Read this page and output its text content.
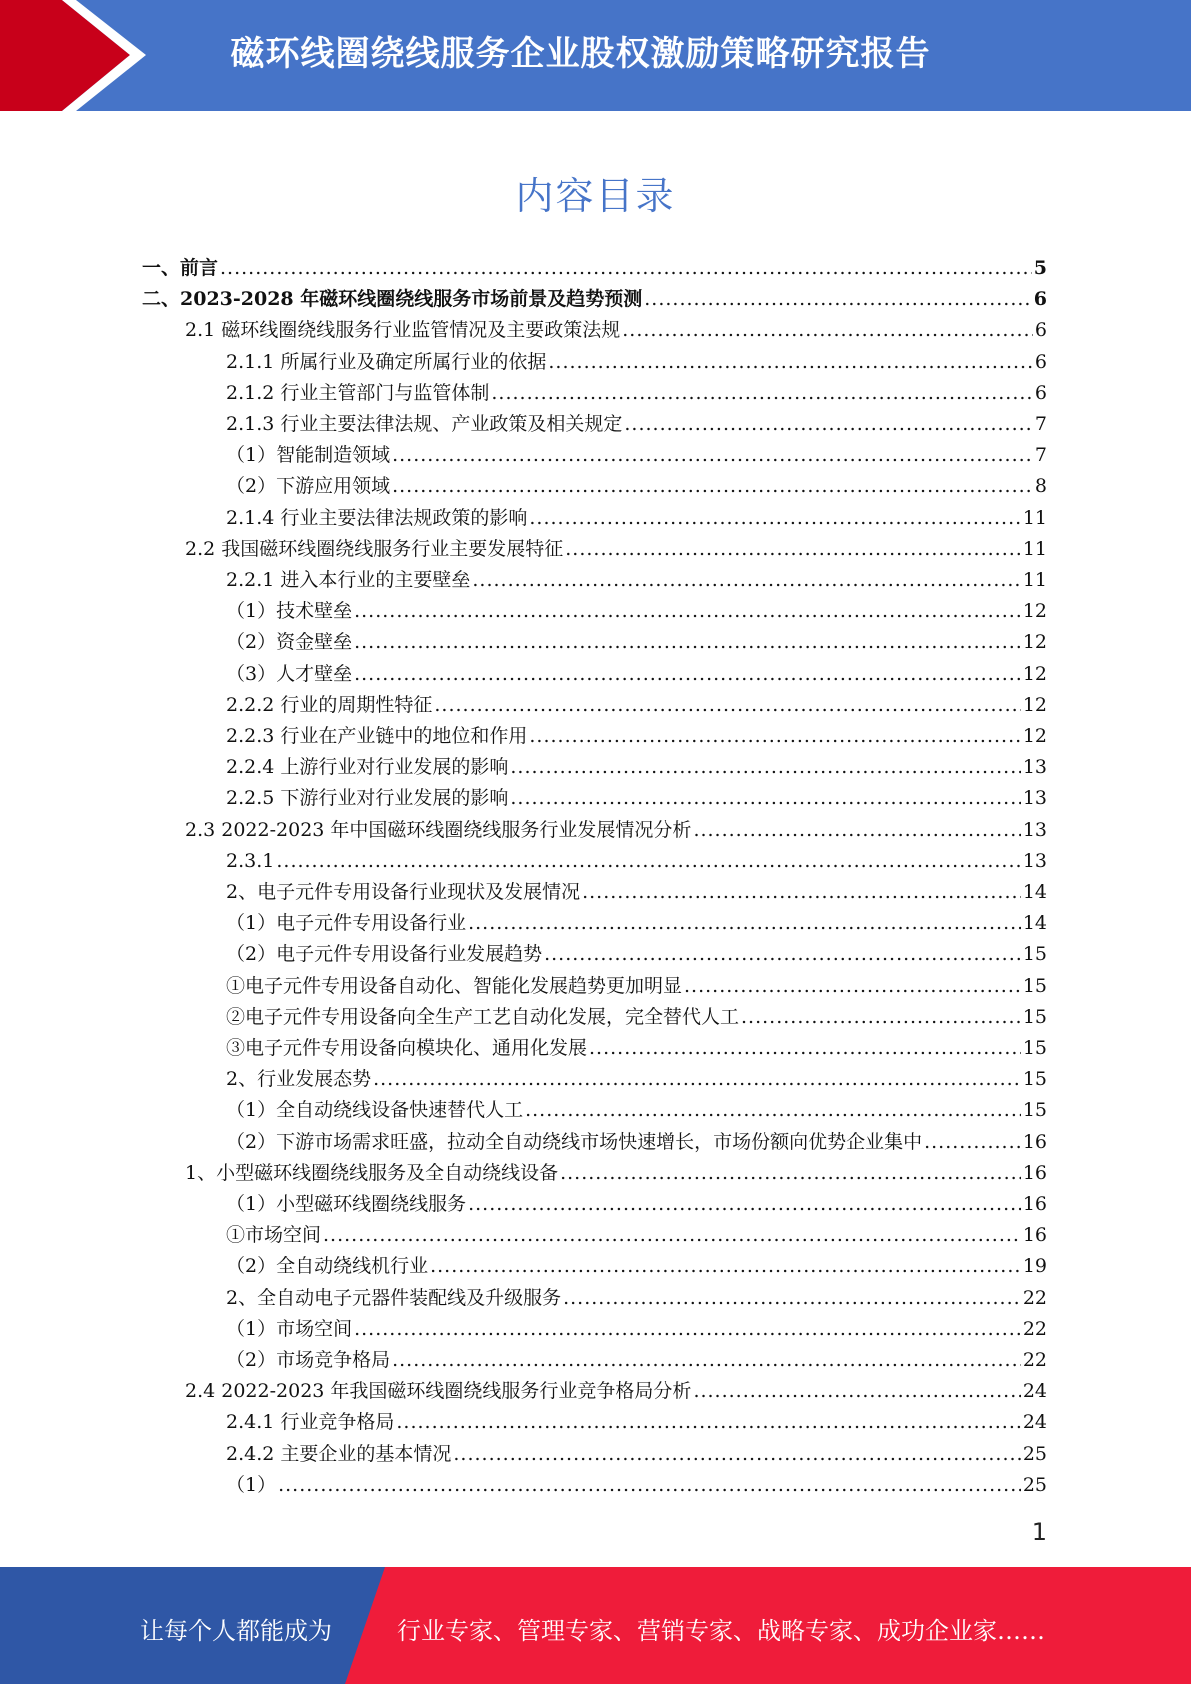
磁环线圈绕线服务企业股权激励策略研究报告
内容目录
一、前言 .....	5
二、2023-2028 年磁环线圈绕线服务市场前景及趋势预测 .....	6
2.1 磁环线圈绕线服务行业监管情况及主要政策法规 .....	6
2.1.1 所属行业及确定所属行业的依据 .....	6
2.1.2 行业主管部门与监管体制 .....	6
2.1.3 行业主要法律法规、产业政策及相关规定 .....	7
（1）智能制造领域 .....	7
（2）下游应用领域 .....	8
2.1.4 行业主要法律法规政策的影响 .....	11
2.2 我国磁环线圈绕线服务行业主要发展特征 .....	11
2.2.1 进入本行业的主要壁垒 .....	11
（1）技术壁垒 .....	12
（2）资金壁垒 .....	12
（3）人才壁垒 .....	12
2.2.2 行业的周期性特征 .....	12
2.2.3 行业在产业链中的地位和作用 .....	12
2.2.4 上游行业对行业发展的影响 .....	13
2.2.5 下游行业对行业发展的影响 .....	13
2.3 2022-2023 年中国磁环线圈绕线服务行业发展情况分析 .....	13
2.3.1 .....	13
2、电子元件专用设备行业现状及发展情况 .....	14
（1）电子元件专用设备行业 .....	14
（2）电子元件专用设备行业发展趋势 .....	15
①电子元件专用设备自动化、智能化发展趋势更加明显 .....	15
②电子元件专用设备向全生产工艺自动化发展，完全替代人工 .....	15
③电子元件专用设备向模块化、通用化发展 .....	15
2、行业发展态势 .....	15
（1）全自动绕线设备快速替代人工 .....	15
（2）下游市场需求旺盛，拉动全自动绕线市场快速增长，市场份额向优势企业集中 .....	16
1、小型磁环线圈绕线服务及全自动绕线设备 .....	16
（1）小型磁环线圈绕线服务 .....	16
①市场空间 .....	16
（2）全自动绕线机行业 .....	19
2、全自动电子元器件装配线及升级服务 .....	22
（1）市场空间 .....	22
（2）市场竞争格局 .....	22
2.4 2022-2023 年我国磁环线圈绕线服务行业竞争格局分析 .....	24
2.4.1 行业竞争格局 .....	24
2.4.2 主要企业的基本情况 .....	25
（1） .....	25
1
让每个人都能成为	行业专家、管理专家、营销专家、战略专家、成功企业家……
